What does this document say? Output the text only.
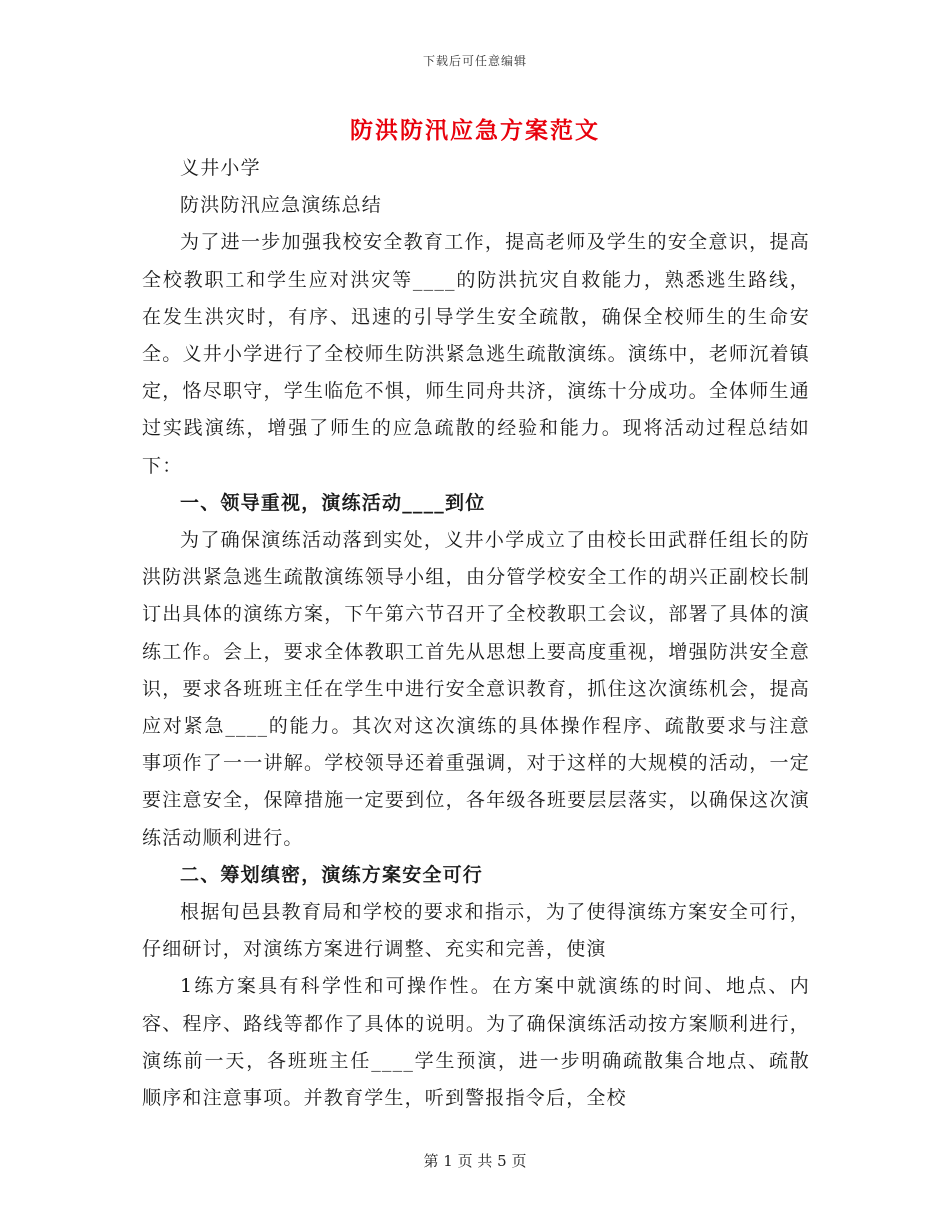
下载后可任意编辑
防洪防汛应急方案范文

义井小学

防洪防汛应急演练总结

为了进一步加强我校安全教育工作，提高老师及学生的安全意识，提高全校教职工和学生应对洪灾等____的防洪抗灾自救能力，熟悉逃生路线，在发生洪灾时，有序、迅速的引导学生安全疏散，确保全校师生的生命安全。义井小学进行了全校师生防洪紧急逃生疏散演练。演练中，老师沉着镇定，恪尽职守，学生临危不惧，师生同舟共济，演练十分成功。全体师生通过实践演练，增强了师生的应急疏散的经验和能力。现将活动过程总结如下：

一、领导重视，演练活动____到位

为了确保演练活动落到实处，义井小学成立了由校长田武群任组长的防洪防洪紧急逃生疏散演练领导小组，由分管学校安全工作的胡兴正副校长制订出具体的演练方案，下午第六节召开了全校教职工会议，部署了具体的演练工作。会上，要求全体教职工首先从思想上要高度重视，增强防洪安全意识，要求各班班主任在学生中进行安全意识教育，抓住这次演练机会，提高应对紧急____的能力。其次对这次演练的具体操作程序、疏散要求与注意事项作了一一讲解。学校领导还着重强调，对于这样的大规模的活动，一定要注意安全，保障措施一定要到位，各年级各班要层层落实，以确保这次演练活动顺利进行。

二、筹划缜密，演练方案安全可行

根据旬邑县教育局和学校的要求和指示，为了使得演练方案安全可行，仔细研讨，对演练方案进行调整、充实和完善，使演

1练方案具有科学性和可操作性。在方案中就演练的时间、地点、内容、程序、路线等都作了具体的说明。为了确保演练活动按方案顺利进行，演练前一天，各班班主任____学生预演，进一步明确疏散集合地点、疏散顺序和注意事项。并教育学生，听到警报指令后，全校

第 1 页 共 5 页
